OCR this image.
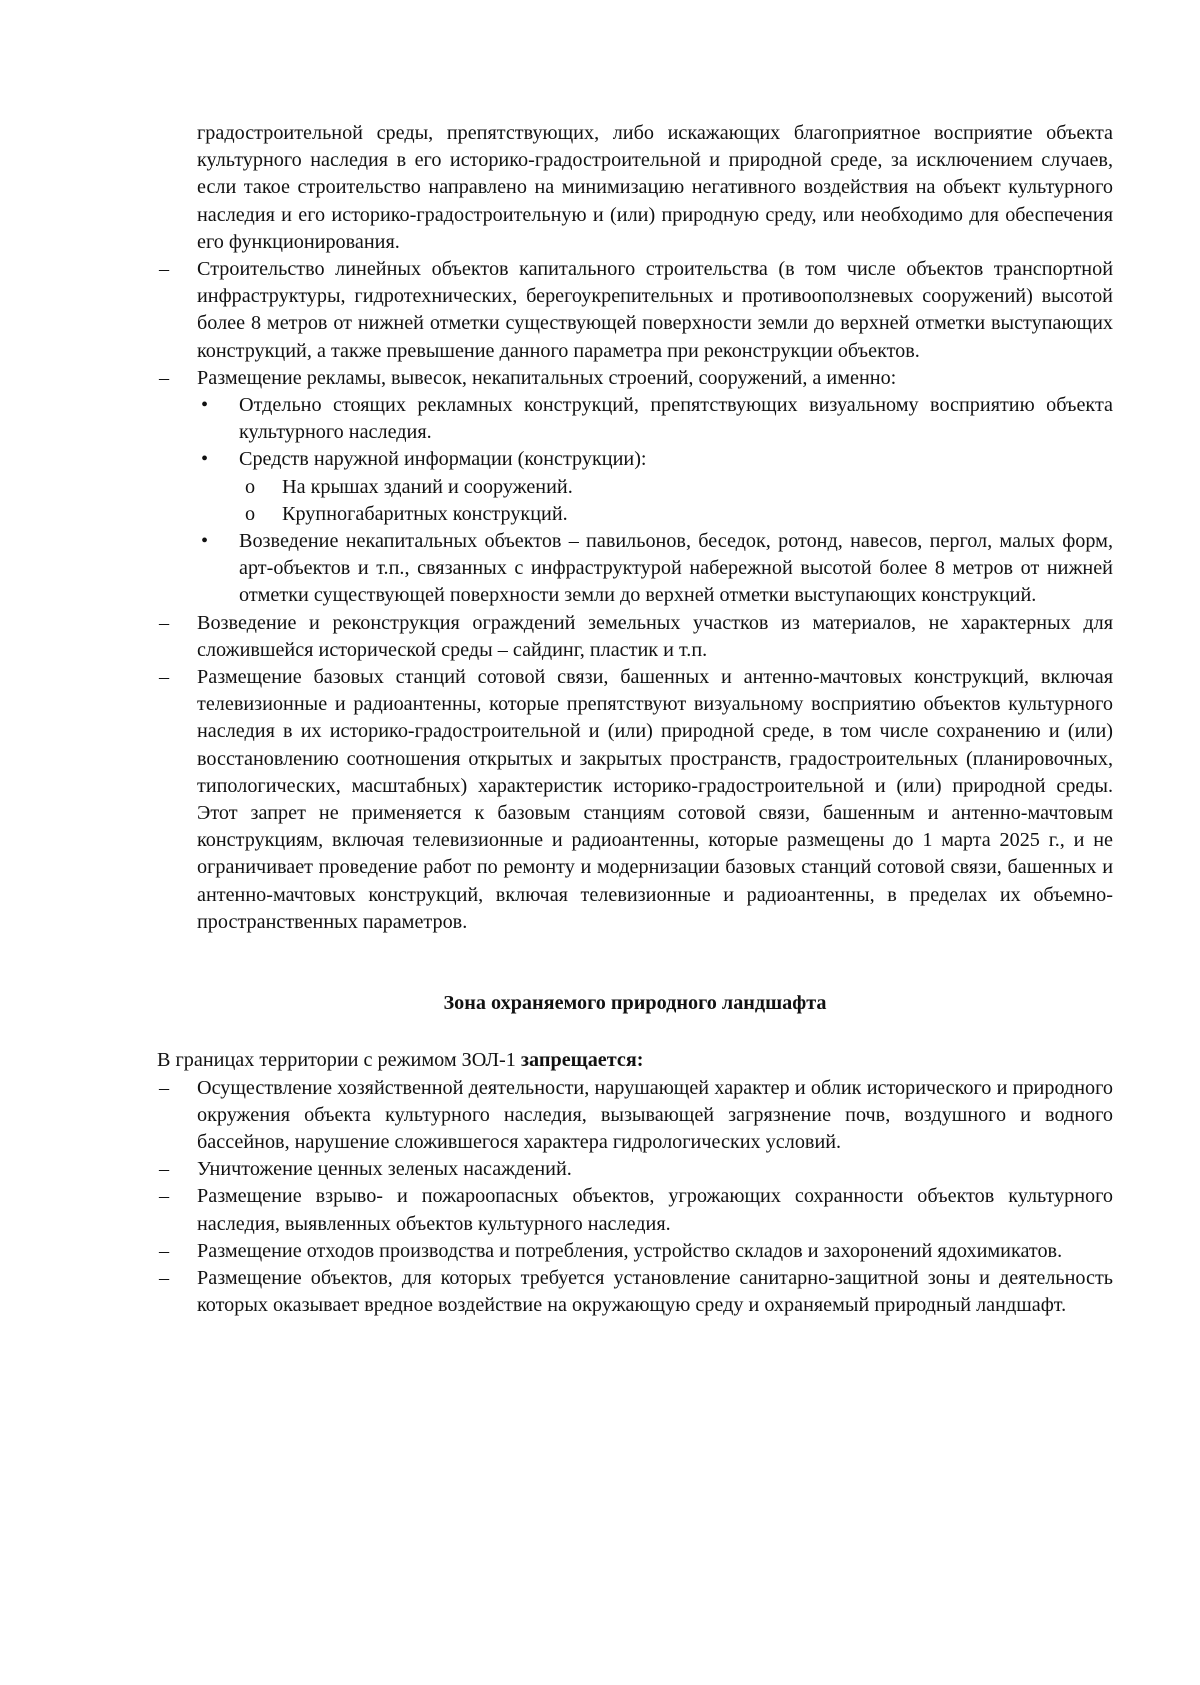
градостроительной среды, препятствующих, либо искажающих благоприятное восприятие объекта культурного наследия в его историко-градостроительной и природной среде, за исключением случаев, если такое строительство направлено на минимизацию негативного воздействия на объект культурного наследия и его историко-градостроительную и (или) природную среду, или необходимо для обеспечения его функционирования.

–	Строительство линейных объектов капитального строительства (в том числе объектов транспортной инфраструктуры, гидротехнических, берегоукрепительных и противооползневых сооружений) высотой более 8 метров от нижней отметки существующей поверхности земли до верхней отметки выступающих конструкций, а также превышение данного параметра при реконструкции объектов.
–	Размещение рекламы, вывесок, некапитальных строений, сооружений, а именно:
•	Отдельно стоящих рекламных конструкций, препятствующих визуальному восприятию объекта культурного наследия.
•	Средств наружной информации (конструкции):
o На крышах зданий и сооружений.
o Крупногабаритных конструкций.
•	Возведение некапитальных объектов – павильонов, беседок, ротонд, навесов, пергол, малых форм, арт-объектов и т.п., связанных с инфраструктурой набережной высотой более 8 метров от нижней отметки существующей поверхности земли до верхней отметки выступающих конструкций.
–	Возведение и реконструкция ограждений земельных участков из материалов, не характерных для сложившейся исторической среды – сайдинг, пластик и т.п.
–	Размещение базовых станций сотовой связи, башенных и антенно-мачтовых конструкций, включая телевизионные и радиоантенны, которые препятствуют визуальному восприятию объектов культурного наследия в их историко-градостроительной и (или) природной среде, в том числе сохранению и (или) восстановлению соотношения открытых и закрытых пространств, градостроительных (планировочных, типологических, масштабных) характеристик историко-градостроительной и (или) природной среды. Этот запрет не применяется к базовым станциям сотовой связи, башенным и антенно-мачтовым конструкциям, включая телевизионные и радиоантенны, которые размещены до 1 марта 2025 г., и не ограничивает проведение работ по ремонту и модернизации базовых станций сотовой связи, башенных и антенно-мачтовых конструкций, включая телевизионные и радиоантенны, в пределах их объемно-пространственных параметров.
Зона охраняемого природного ландшафта

В границах территории с режимом ЗОЛ-1 запрещается:

–	Осуществление хозяйственной деятельности, нарушающей характер и облик исторического и природного окружения объекта культурного наследия, вызывающей загрязнение почв, воздушного и водного бассейнов, нарушение сложившегося характера гидрологических условий.
–	Уничтожение ценных зеленых насаждений.
–	Размещение взрыво- и пожароопасных объектов, угрожающих сохранности объектов культурного наследия, выявленных объектов культурного наследия.
–	Размещение отходов производства и потребления, устройство складов и захоронений ядохимикатов.
–	Размещение объектов, для которых требуется установление санитарно-защитной зоны и деятельность которых оказывает вредное воздействие на окружающую среду и охраняемый природный ландшафт.
